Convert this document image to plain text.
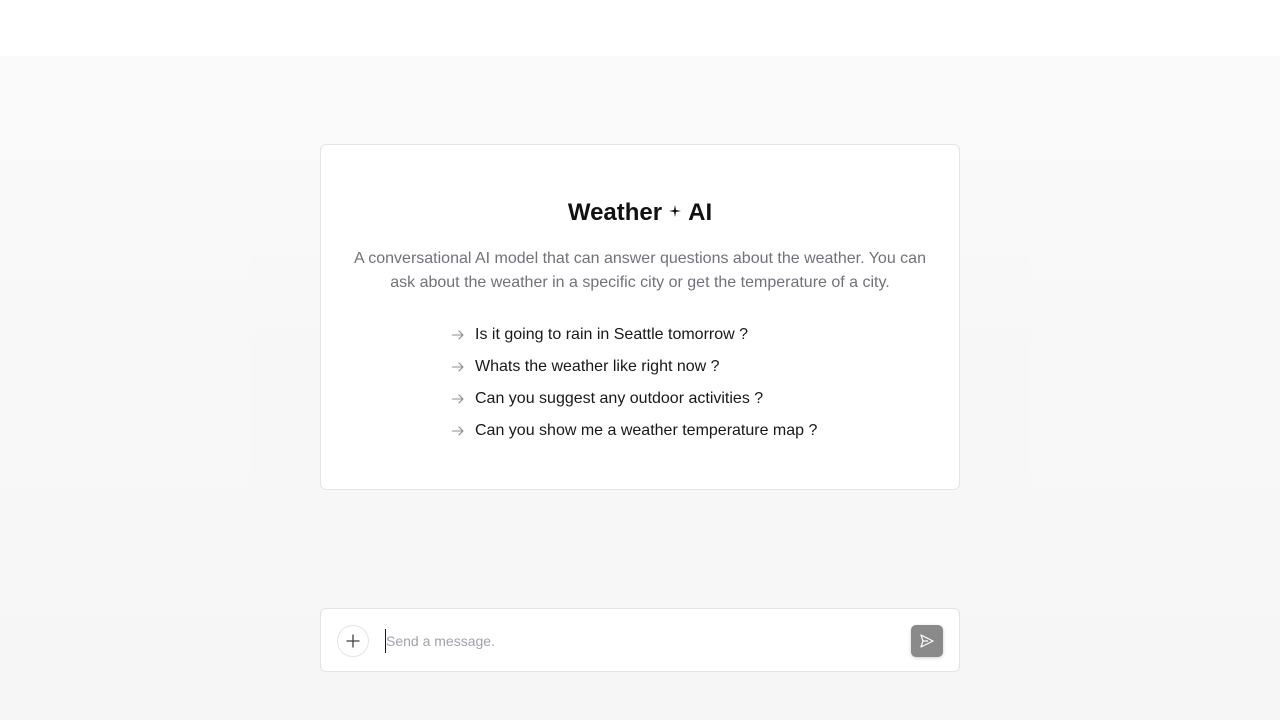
Weather AI

A conversational AI model that can answer questions about the weather. You can ask about the weather in a specific city or get the temperature of a city.

Is it going to rain in Seattle tomorrow ?
Whats the weather like right now ?
Can you suggest any outdoor activities ?
Can you show me a weather temperature map ?
Send a message.
